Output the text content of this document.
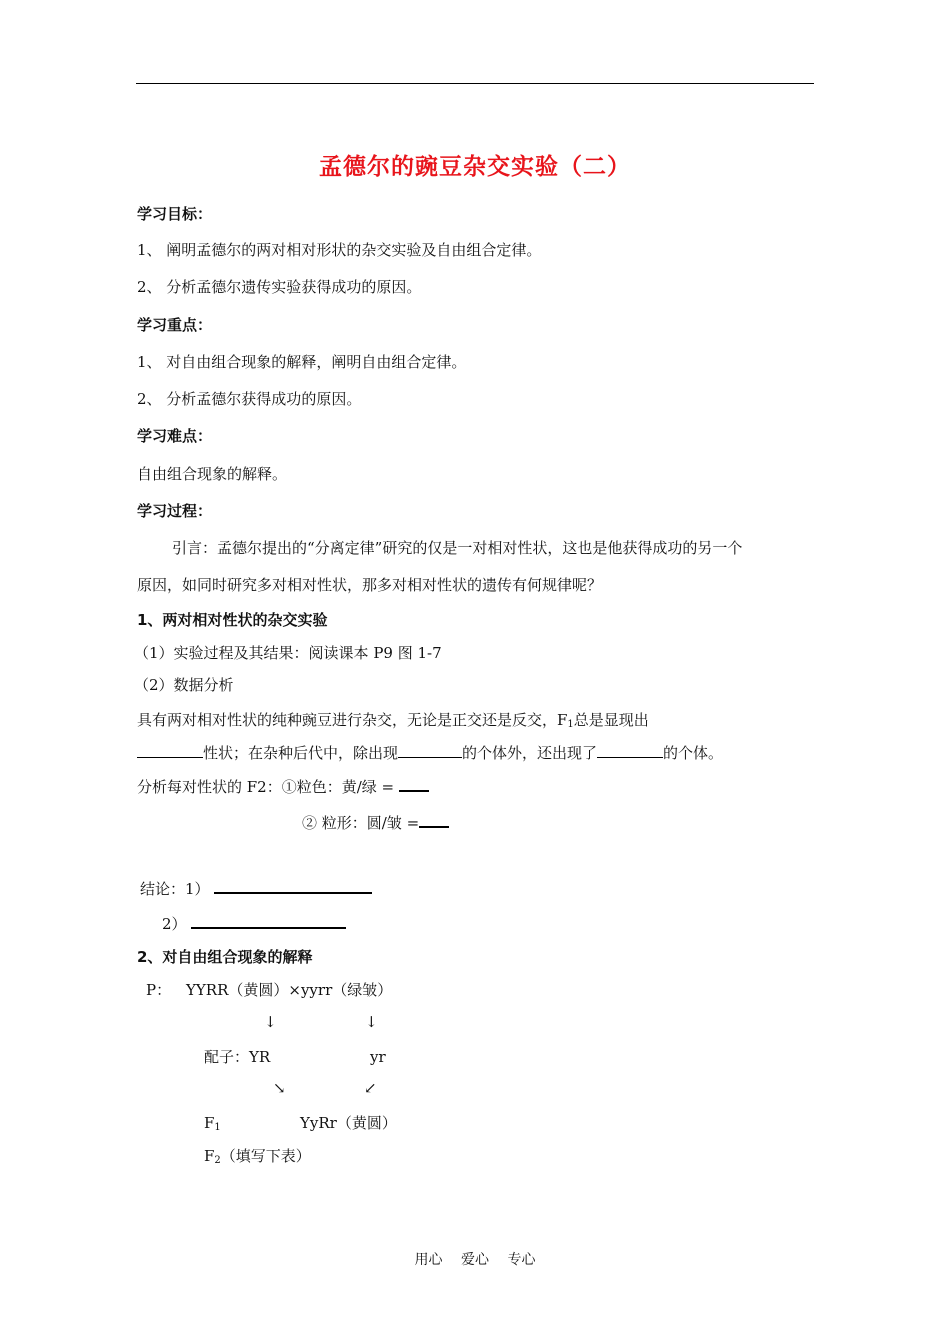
孟德尔的豌豆杂交实验（二）
学习目标：
1、 阐明孟德尔的两对相对形状的杂交实验及自由组合定律。
2、 分析孟德尔遗传实验获得成功的原因。
学习重点：
1、 对自由组合现象的解释，阐明自由组合定律。
2、 分析孟德尔获得成功的原因。
学习难点：
自由组合现象的解释。
学习过程：
引言：孟德尔提出的“分离定律”研究的仅是一对相对性状，这也是他获得成功的另一个
原因，如同时研究多对相对性状，那多对相对性状的遗传有何规律呢？
1、两对相对性状的杂交实验
（1）实验过程及其结果：阅读课本 P9 图 1-7
（2）数据分析
具有两对相对性状的纯种豌豆进行杂交，无论是正交还是反交，$F_1$总是显现出
性状；在杂种后代中，除出现	的个体外，还出现了	的个体。
分析每对性状的 F2：①粒色：黄/绿 =
② 粒形：圆/皱 =
结论：1）
2）
2、对自由组合现象的解释
P： YYRR（黄圆）×yyrr（绿皱）
↓	↓
配子：YR	yr
↘	↙
$F_1$	YyRr（黄圆）
$F_2$（填写下表）
用心 爱心 专心
